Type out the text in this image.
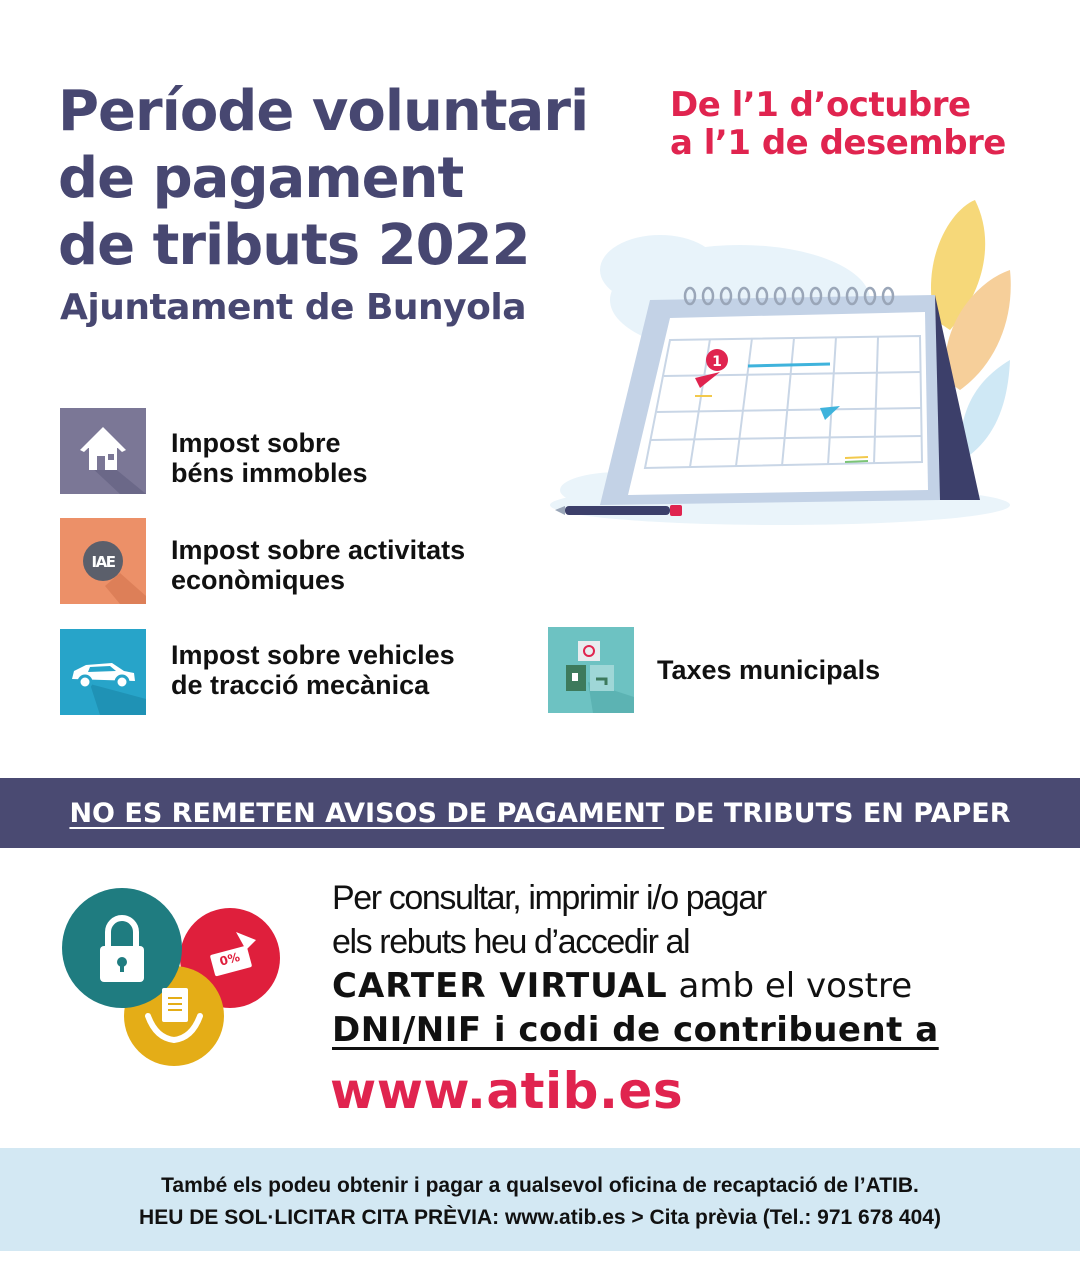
Període voluntari
de pagament
de tributs 2022
Ajuntament de Bunyola
De l’1 d’octubre
a l’1 de desembre
1
Impost sobre
béns immobles
IAE Impost sobre activitats
econòmiques
Impost sobre vehicles
de tracció mecànica	Taxes municipals
NO ES REMETEN AVISOS DE PAGAMENT DE TRIBUTS EN PAPER
0%
Per consultar, imprimir i/o pagar
els rebuts heu d’accedir al
CARTER VIRTUAL amb el vostre
DNI/NIF i codi de contribuent a
www.atib.es
També els podeu obtenir i pagar a qualsevol oficina de recaptació de l’ATIB.
HEU DE SOL·LICITAR CITA PRÈVIA: www.atib.es > Cita prèvia (Tel.: 971 678 404)
